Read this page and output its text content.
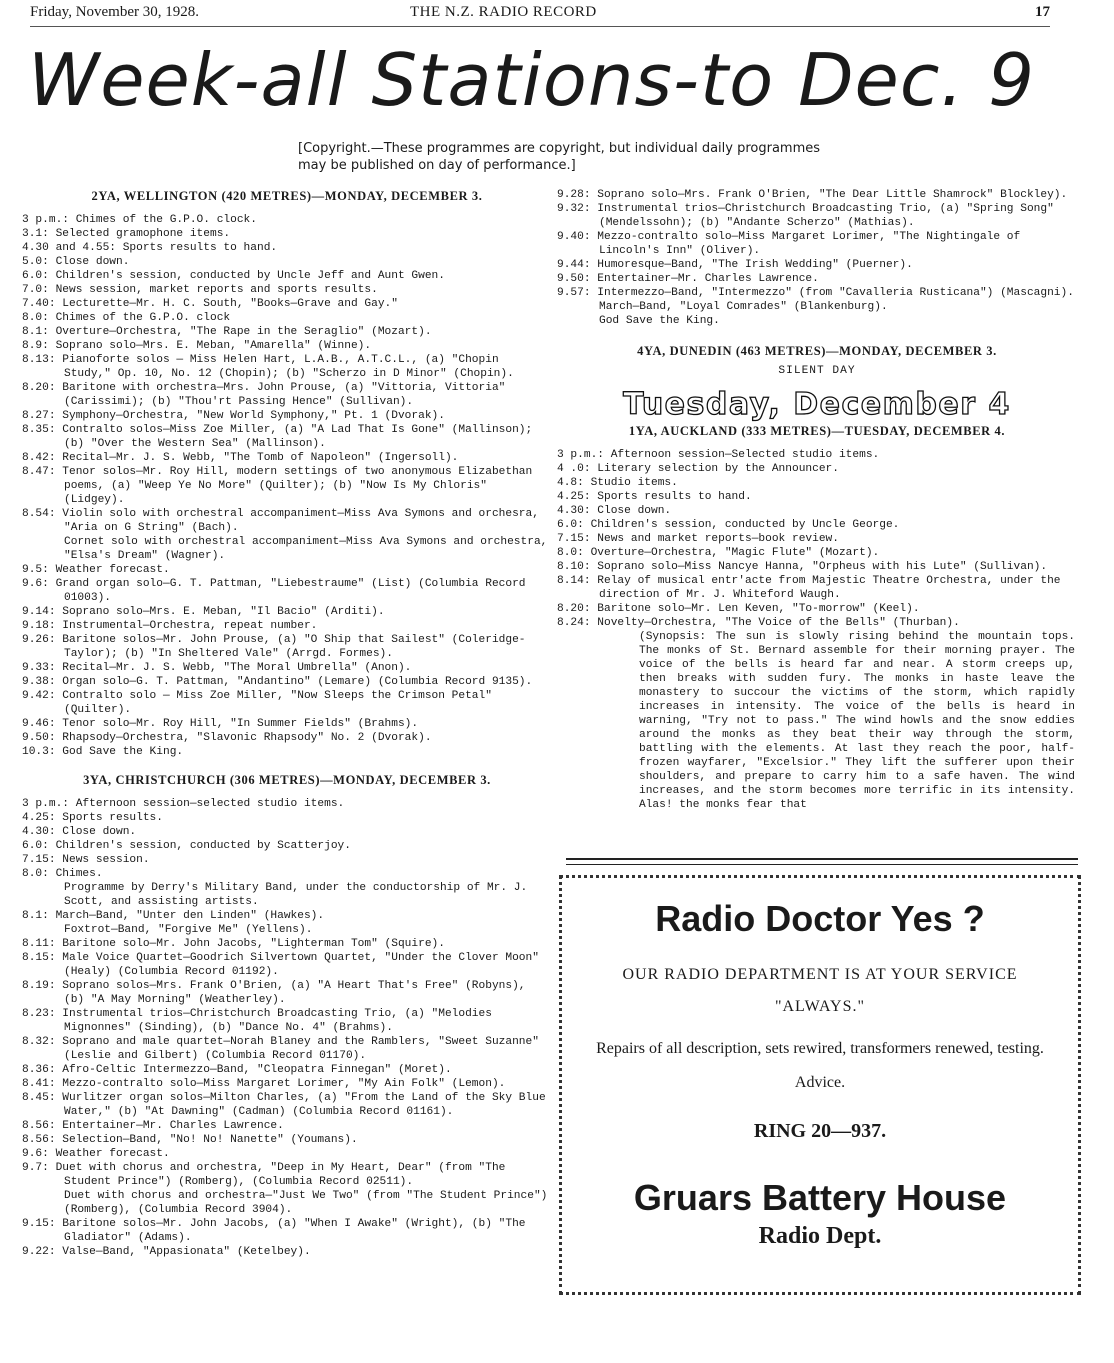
Friday, November 30, 1928.	THE N.Z. RADIO RECORD	17
Week-all Stations-to Dec. 9
[Copyright.—These programmes are copyright, but individual daily programmes may be published on day of performance.]
2YA, WELLINGTON (420 METRES)—MONDAY, DECEMBER 3.
3 p.m.: Chimes of the G.P.O. clock.
3.1: Selected gramophone items.
4.30 and 4.55: Sports results to hand.
5.0: Close down.
6.0: Children's session, conducted by Uncle Jeff and Aunt Gwen.
7.0: News session, market reports and sports results.
7.40: Lecturette—Mr. H. C. South, "Books—Grave and Gay."
8.0: Chimes of the G.P.O. clock
8.1: Overture—Orchestra, "The Rape in the Seraglio" (Mozart).
8.9: Soprano solo—Mrs. E. Meban, "Amarella" (Winne).
8.13: Pianoforte solos — Miss Helen Hart, L.A.B., A.T.C.L., (a) "Chopin Study," Op. 10, No. 12 (Chopin); (b) "Scherzo in D Minor" (Chopin).
8.20: Baritone with orchestra—Mrs. John Prouse, (a) "Vittoria, Vittoria" (Carissimi); (b) "Thou'rt Passing Hence" (Sullivan).
8.27: Symphony—Orchestra, "New World Symphony," Pt. 1 (Dvorak).
8.35: Contralto solos—Miss Zoe Miller, (a) "A Lad That Is Gone" (Mallinson); (b) "Over the Western Sea" (Mallinson).
8.42: Recital—Mr. J. S. Webb, "The Tomb of Napoleon" (Ingersoll).
8.47: Tenor solos—Mr. Roy Hill, modern settings of two anonymous Elizabethan poems, (a) "Weep Ye No More" (Quilter); (b) "Now Is My Chloris" (Lidgey).
8.54: Violin solo with orchestral accompaniment—Miss Ava Symons and orchesra, "Aria on G String" (Bach).
Cornet solo with orchestral accompaniment—Miss Ava Symons and orchestra, "Elsa's Dream" (Wagner).
9.5: Weather forecast.
9.6: Grand organ solo—G. T. Pattman, "Liebestraume" (List) (Columbia Record 01003).
9.14: Soprano solo—Mrs. E. Meban, "Il Bacio" (Arditi).
9.18: Instrumental—Orchestra, repeat number.
9.26: Baritone solos—Mr. John Prouse, (a) "O Ship that Sailest" (Coleridge-Taylor); (b) "In Sheltered Vale" (Arrgd. Formes).
9.33: Recital—Mr. J. S. Webb, "The Moral Umbrella" (Anon).
9.38: Organ solo—G. T. Pattman, "Andantino" (Lemare) (Columbia Record 9135).
9.42: Contralto solo — Miss Zoe Miller, "Now Sleeps the Crimson Petal" (Quilter).
9.46: Tenor solo—Mr. Roy Hill, "In Summer Fields" (Brahms).
9.50: Rhapsody—Orchestra, "Slavonic Rhapsody" No. 2 (Dvorak).
10.3: God Save the King.
3YA, CHRISTCHURCH (306 METRES)—MONDAY, DECEMBER 3.
3 p.m.: Afternoon session—selected studio items.
4.25: Sports results.
4.30: Close down.
6.0: Children's session, conducted by Scatterjoy.
7.15: News session.
8.0: Chimes.
Programme by Derry's Military Band, under the conductorship of Mr. J. Scott, and assisting artists.
8.1: March—Band, "Unter den Linden" (Hawkes).
Foxtrot—Band, "Forgive Me" (Yellens).
8.11: Baritone solo—Mr. John Jacobs, "Lighterman Tom" (Squire).
8.15: Male Voice Quartet—Goodrich Silvertown Quartet, "Under the Clover Moon" (Healy) (Columbia Record 01192).
8.19: Soprano solos—Mrs. Frank O'Brien, (a) "A Heart That's Free" (Robyns), (b) "A May Morning" (Weatherley).
8.23: Instrumental trios—Christchurch Broadcasting Trio, (a) "Melodies Mignonnes" (Sinding), (b) "Dance No. 4" (Brahms).
8.32: Soprano and male quartet—Norah Blaney and the Ramblers, "Sweet Suzanne" (Leslie and Gilbert) (Columbia Record 01170).
8.36: Afro-Celtic Intermezzo—Band, "Cleopatra Finnegan" (Moret).
8.41: Mezzo-contralto solo—Miss Margaret Lorimer, "My Ain Folk" (Lemon).
8.45: Wurlitzer organ solos—Milton Charles, (a) "From the Land of the Sky Blue Water," (b) "At Dawning" (Cadman) (Columbia Record 01161).
8.56: Entertainer—Mr. Charles Lawrence.
8.56: Selection—Band, "No! No! Nanette" (Youmans).
9.6: Weather forecast.
9.7: Duet with chorus and orchestra, "Deep in My Heart, Dear" (from "The Student Prince") (Romberg), (Columbia Record 02511).
Duet with chorus and orchestra—"Just We Two" (from "The Student Prince") (Romberg), (Columbia Record 3904).
9.15: Baritone solos—Mr. John Jacobs, (a) "When I Awake" (Wright), (b) "The Gladiator" (Adams).
9.22: Valse—Band, "Appasionata" (Ketelbey).
9.28: Soprano solo—Mrs. Frank O'Brien, "The Dear Little Shamrock" Blockley).
9.32: Instrumental trios—Christchurch Broadcasting Trio, (a) "Spring Song" (Mendelssohn); (b) "Andante Scherzo" (Mathias).
9.40: Mezzo-contralto solo—Miss Margaret Lorimer, "The Nightingale of Lincoln's Inn" (Oliver).
9.44: Humoresque—Band, "The Irish Wedding" (Puerner).
9.50: Entertainer—Mr. Charles Lawrence.
9.57: Intermezzo—Band, "Intermezzo" (from "Cavalleria Rusticana") (Mascagni).
March—Band, "Loyal Comrades" (Blankenburg).
God Save the King.
4YA, DUNEDIN (463 METRES)—MONDAY, DECEMBER 3.
SILENT DAY
Tuesday, December 4
1YA, AUCKLAND (333 METRES)—TUESDAY, DECEMBER 4.
3 p.m.: Afternoon session—Selected studio items.
4 .0: Literary selection by the Announcer.
4.8: Studio items.
4.25: Sports results to hand.
4.30: Close down.
6.0: Children's session, conducted by Uncle George.
7.15: News and market reports—book review.
8.0: Overture—Orchestra, "Magic Flute" (Mozart).
8.10: Soprano solo—Miss Nancye Hanna, "Orpheus with his Lute" (Sullivan).
8.14: Relay of musical entr'acte from Majestic Theatre Orchestra, under the direction of Mr. J. Whiteford Waugh.
8.20: Baritone solo—Mr. Len Keven, "To-morrow" (Keel).
8.24: Novelty—Orchestra, "The Voice of the Bells" (Thurban).
(Synopsis: The sun is slowly rising behind the mountain tops. The monks of St. Bernard assemble for their morning prayer. The voice of the bells is heard far and near. A storm creeps up, then breaks with sudden fury. The monks in haste leave the monastery to succour the victims of the storm, which rapidly increases in intensity. The voice of the bells is heard in warning, "Try not to pass." The wind howls and the snow eddies around the monks as they beat their way through the storm, battling with the elements. At last they reach the poor, half-frozen wayfarer, "Excelsior." They lift the sufferer upon their shoulders, and prepare to carry him to a safe haven. The wind increases, and the storm becomes more terrific in its intensity. Alas! the monks fear that
Radio Doctor Yes ?
OUR RADIO DEPARTMENT IS AT YOUR SERVICE
"ALWAYS."
Repairs of all description, sets rewired, transformers renewed, testing. Advice.
RING 20—937.
Gruars Battery House
Radio Dept.
